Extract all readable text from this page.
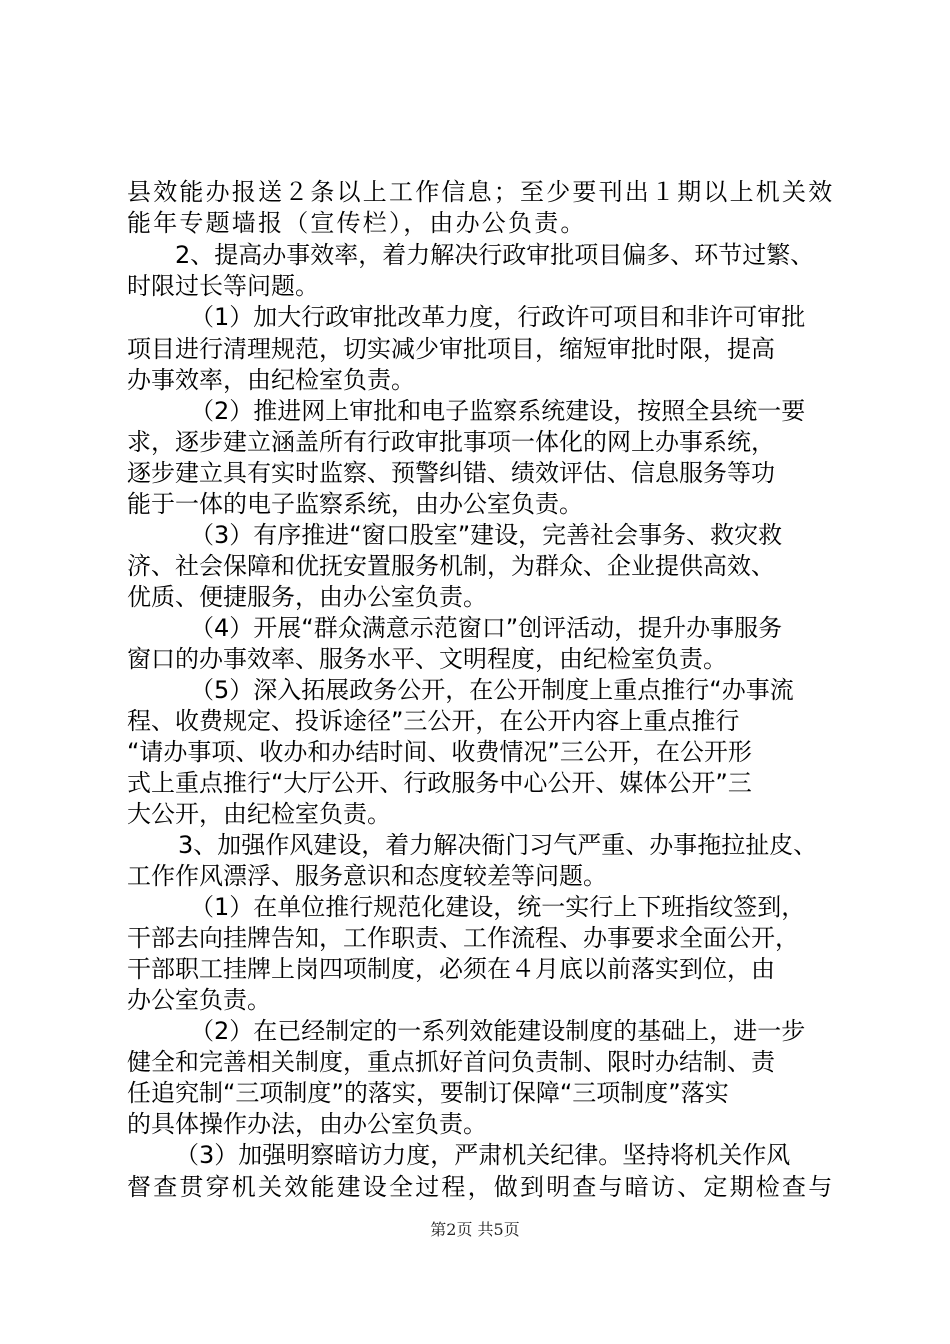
县效能办报送２条以上工作信息；至少要刊出１期以上机关效
能年专题墙报（宣传栏），由办公负责。
2、提高办事效率，着力解决行政审批项目偏多、环节过繁、
时限过长等问题。
（1）加大行政审批改革力度，行政许可项目和非许可审批
项目进行清理规范，切实减少审批项目，缩短审批时限，提高
办事效率，由纪检室负责。
（2）推进网上审批和电子监察系统建设，按照全县统一要
求，逐步建立涵盖所有行政审批事项一体化的网上办事系统，
逐步建立具有实时监察、预警纠错、绩效评估、信息服务等功
能于一体的电子监察系统，由办公室负责。
（3）有序推进“窗口股室”建设，完善社会事务、救灾救
济、社会保障和优抚安置服务机制，为群众、企业提供高效、
优质、便捷服务，由办公室负责。
（4）开展“群众满意示范窗口”创评活动，提升办事服务
窗口的办事效率、服务水平、文明程度，由纪检室负责。
（5）深入拓展政务公开，在公开制度上重点推行“办事流
程、收费规定、投诉途径”三公开，在公开内容上重点推行
“请办事项、收办和办结时间、收费情况”三公开，在公开形
式上重点推行“大厅公开、行政服务中心公开、媒体公开”三
大公开，由纪检室负责。
3、加强作风建设，着力解决衙门习气严重、办事拖拉扯皮、
工作作风漂浮、服务意识和态度较差等问题。
（1）在单位推行规范化建设，统一实行上下班指纹签到，
干部去向挂牌告知，工作职责、工作流程、办事要求全面公开，
干部职工挂牌上岗四项制度，必须在４月底以前落实到位，由
办公室负责。
（2）在已经制定的一系列效能建设制度的基础上，进一步
健全和完善相关制度，重点抓好首问负责制、限时办结制、责
任追究制“三项制度”的落实，要制订保障“三项制度”落实
的具体操作办法，由办公室负责。
（3）加强明察暗访力度，严肃机关纪律。坚持将机关作风
督查贯穿机关效能建设全过程，做到明查与暗访、定期检查与
第2页 共5页
